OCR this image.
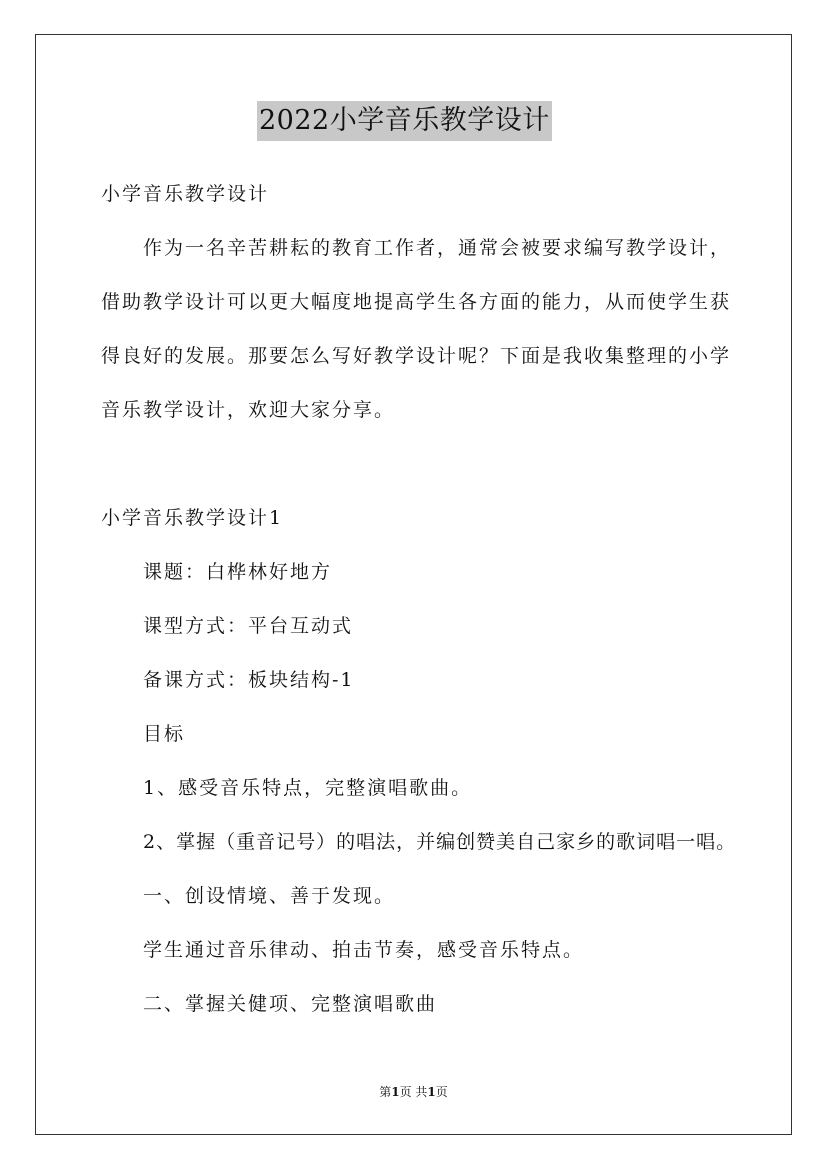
2022小学音乐教学设计
小学音乐教学设计
作为一名辛苦耕耘的教育工作者，通常会被要求编写教学设计，
借助教学设计可以更大幅度地提高学生各方面的能力，从而使学生获
得良好的发展。那要怎么写好教学设计呢？下面是我收集整理的小学
音乐教学设计，欢迎大家分享。
小学音乐教学设计1
课题：白桦林好地方
课型方式：平台互动式
备课方式：板块结构-1
目标
1、感受音乐特点，完整演唱歌曲。
2、掌握（重音记号）的唱法，并编创赞美自己家乡的歌词唱一唱。
一、创设情境、善于发现。
学生通过音乐律动、拍击节奏，感受音乐特点。
二、掌握关健项、完整演唱歌曲
第1页 共1页
